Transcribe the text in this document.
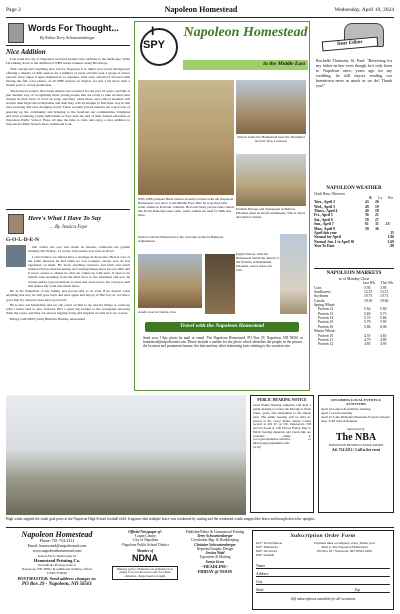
Page 2	Napoleon Homestead	Wednesday, April 10, 2024
Words For Thought...
By Editor Terry Schwartzenberger
Nice Addition

Last week the city of Napoleon received another nice addition to the landscape. What I'm talking about is the addition of NHS senior banners along Broadway.

This concept isn't anything new, but for Napoleon it is. Other area towns having been offering a display of their seniors for a number of years and this year a group of senior parents, have taken it upon themselves to organize, fund raise and move forward with having the full color photos of all NHS seniors on display for just a bit more than a month prior to actual graduation.

The honored seniors have been smiled and scattered for the past 18 years, and this is just another way of recognizing those young people that are ready to take on their next chapter in their lives. It won't be long, and May, when these once school students will receive their high school diplomas and then they will all attempt to find their way in this ever evolving and ever changing world. These recently placed banners are a nice way of sprucing up the community and bringing to the forefront our communities, brightens and most promising young individuals as they near the end of their formal education at Napoleon Public School. Hope all take the time to view and enjoy a nice addition to Napoleon's Main Street's more traditional look.

Here's What I Have To Say
... By Jessica Faye
G-O-L-D-E-N

Our oldest, the one who made us parents, celebrates his golden birthday this Friday; 12 on the 12th and he was born in 2012!

I can't believe we almost have a teenager in the house. He has a lot of the same interests he had when he was younger, except now he has expanded on them. He loves anything outdoors and farm and ranch related. He has been inventing and creating things since he was little and it never ceases to amaze us what he comes up with next. It used to be marble runs spanning from the third floor to the basement and now he creates pulley type inventions to open and close doors, his conveyor belt that makes his room and much more.

He is the fisherman of the family and proves this to us even if he doesn't catch anything that day, he still goes back and tries again and enjoys it! But boy do we like a good fish fry when he does have good luck.

He is also our handyman and we can count on him to try and fix things or come up with a better idea to save forward. He's a great big brother to the youngsters showing them the ropes, and they are always tagging along and inspired at what he is up to next.

Happy GOLDEN (12th) Birthday Bentley Alexander!

I
SPY
Napoleon Homestead
in the Middle East
Nelson holds the Homestead near the Triumphal Arch in Tyre, Lebanon.
NHS 1986 graduate Brian Nelson recently traveled with the Napoleon Homestead over news to the Middle East. Here he is spotted with some camels in Portland, Somalia. He noted many people raise camels like North Dakotans raise cattle, where camels are used for milk and meat.
Ibrahim Mosque and Synagogue in Hebron, Palestine (near an Israeli settlement). This is where Abraham is buried.
Nelson with the Homestead at the welcome arches in Bamiyan, Afghanistan.
(right) Nelson, with the Homestead inside the church of the Nativity in Bethlehem, Palestine, where Jesus was born.
Azadi tower in Tehran, Iran.
Travel with the Napoleon Homestead
Send your I Spy photo by mail or email: The Napoleon Homestead, PO Box 29, Napoleon, ND 58561 or homestead@napoleonnd.com. Please include a outline for the photo which identifies the people in the picture, the location and prominent feature, the date and any other interesting facts relating to the vacation site.
Dear Editor
Rochelle Thomsen, St. Paul: "Reserving for my father-in-law even though he's only been to Napoleon once, years ago for my wedding, he still enjoys reading our hometown news as much as we do! Thank you!"
NAPOLEON WEATHER
Clark Hass, Observer
Hi Lo Pre.
Tues., April 2	43	26
Wed., April 3	49	19
Thurs., April 4	49	18
Fri., April 5	56	21
Sat., April 6	59	27
Sun., April 7	61	31	.15
Mon., April 8	58	36
April this year	.15
Normal for April	1.86
Normal Jan. 1 to April 30	3.69
Year To Date	.98
NAPOLEON MARKETS
as of Monday Close
Last Wk. This Wk.
Corn	3.95	3.95
Sunflowers	12.15	13.15
Soybeans	10.75	10.71
Canola	18.50	18.60
Spring Wheat:
Protein 12	5.64	5.60
Protein 13	5.69	5.73
Protein 14	5.74	5.66
Protein 15	5.79	5.95
Protein 16	5.84	6.00
Winter Wheat:
Protein 10	4.55	4.65
Protein 11	4.70	4.80
Protein 12	4.85	4.95
High winds toppled the south goal posts at the Napoleon High School football field. It appears that multiple brace was weakened by rusting and the weakened winds snapped the brace and brought down the uprights.
PUBLIC HEARING NOTICE
Great Plains Housing Authority will hold a public hearing to review the Moving to Work status, goals, and addendums to the annual plan. The public hearing will be held in-person at the Great Plains Senior Center located at 419 W 1st NE, Jamestown, ND and via Zoom at 1:00 PM on Friday, May 3. Public hearing materials and Zoom link are available online at www.greatplainsha.com/mtw or mbeary@greatplainsha.com.
(4-10)
UPCOMING LOCAL EVENTS & ACTIVITIES
April 10-Legion & Auxiliary meeting
April 11-Lions meeting
April 25-Lake McKenna Pheasants Forever banquet
Aug. 3-All School Reunion
Sponsored by
The NBA
NAPOLEON BUSINESS ASSOCIATION
Ad: 754-2212 / Call to list event
Napoleon Homestead
Phone: 701-754-2212
Email: homestead@napoleonnd.com
www.napoleonhomestead.com
Issued Every Wednesday by
Homestead Printing Co.
Periodicals Postage paid at
Napoleon, ND 58561 & additional mailing offices
USPS 379940
POSTMASTER: Send address changes to:
PO Box 29 - Napoleon, ND 58561
Official Newspaper of:
-Logan County
-City of Napoleon
-Napoleon Public School District
Member of
NDNA
Obituary policy: Obituaries are published at no charge if we are allowed to edit. For edited obituaries, charge based on length.
Publisher/Editor & Commercial Printing
Terry Schwartzenberger
Circulation Mgr. & Bookkeeping
Christine Schwartzenberger
Reporter/Graphic Design
Jessica Waid
Typesetter & Mailing
Sonya Gross
~DEADLINE~
FRIDAY @ NOON
Subscription Order Form
$41* North Dakota
$45* Minnesota
$49* Snowbird
$59* Outside
Payment must accompany order. Thank you!
Mail to The Napoleon Homestead
PO Box 29 • Napoleon, ND 58561-0029
Name
Address
City
State	Zip
Gift subscriptions available for all occasions
